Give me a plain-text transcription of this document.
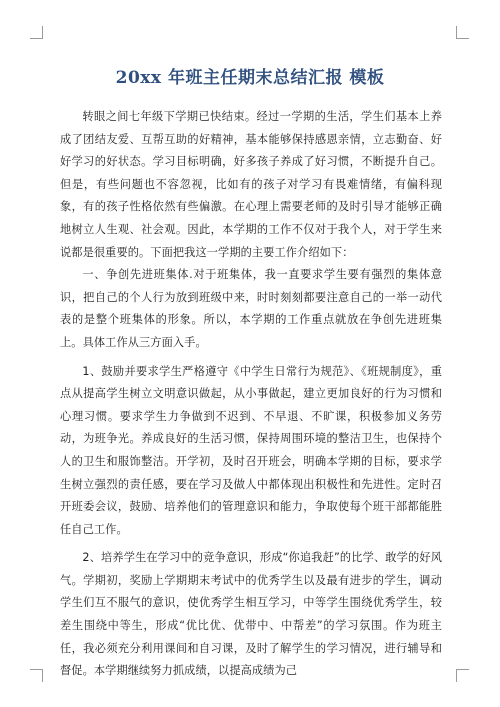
20xx 年班主任期末总结汇报 模板

转眼之间七年级下学期已快结束。经过一学期的生活，学生们基本上养成了团结友爱、互帮互助的好精神，基本能够保持感恩亲情，立志勤奋、好好学习的好状态。学习目标明确，好多孩子养成了好习惯，不断提升自己。但是，有些问题也不容忽视，比如有的孩子对学习有畏难情绪，有偏科现象，有的孩子性格依然有些偏激。在心理上需要老师的及时引导才能够正确地树立人生观、社会观。因此，本学期的工作不仅对于我个人，对于学生来说都是很重要的。下面把我这一学期的主要工作介绍如下：

一、争创先进班集体.对于班集体，我一直要求学生要有强烈的集体意识，把自己的个人行为放到班级中来，时时刻刻都要注意自己的一举一动代表的是整个班集体的形象。所以，本学期的工作重点就放在争创先进班集上。具体工作从三方面入手。

1、鼓励并要求学生严格遵守《中学生日常行为规范》、《班规制度》，重点从提高学生树立文明意识做起，从小事做起，建立更加良好的行为习惯和心理习惯。要求学生力争做到不迟到、不早退、不旷课，积极参加义务劳动，为班争光。养成良好的生活习惯，保持周围环境的整洁卫生，也保持个人的卫生和服饰整洁。开学初，及时召开班会，明确本学期的目标，要求学生树立强烈的责任感，要在学习及做人中都体现出积极性和先进性。定时召开班委会议，鼓励、培养他们的管理意识和能力，争取使每个班干部都能胜任自己工作。

2、培养学生在学习中的竞争意识，形成“你追我赶”的比学、敢学的好风气。学期初，奖励上学期期末考试中的优秀学生以及最有进步的学生，调动学生们互不服气的意识，使优秀学生相互学习，中等学生围绕优秀学生，较差生围绕中等生，形成“优比优、优带中、中帮差”的学习氛围。作为班主任，我必须充分利用课间和自习课，及时了解学生的学习情况，进行辅导和督促。本学期继续努力抓成绩，以提高成绩为己
